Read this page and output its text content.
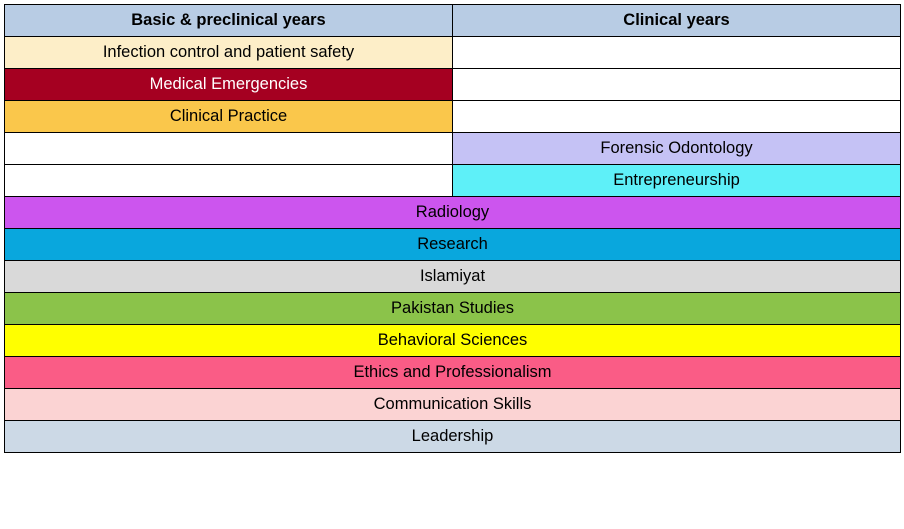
Basic & preclinical years	Clinical years
Infection control and patient safety	
Medical Emergencies	
Clinical Practice	
	Forensic Odontology
	Entrepreneurship
Radiology	
Research	
Islamiyat	
Pakistan Studies	
Behavioral Sciences	
Ethics and Professionalism	
Communication Skills	
Leadership	
